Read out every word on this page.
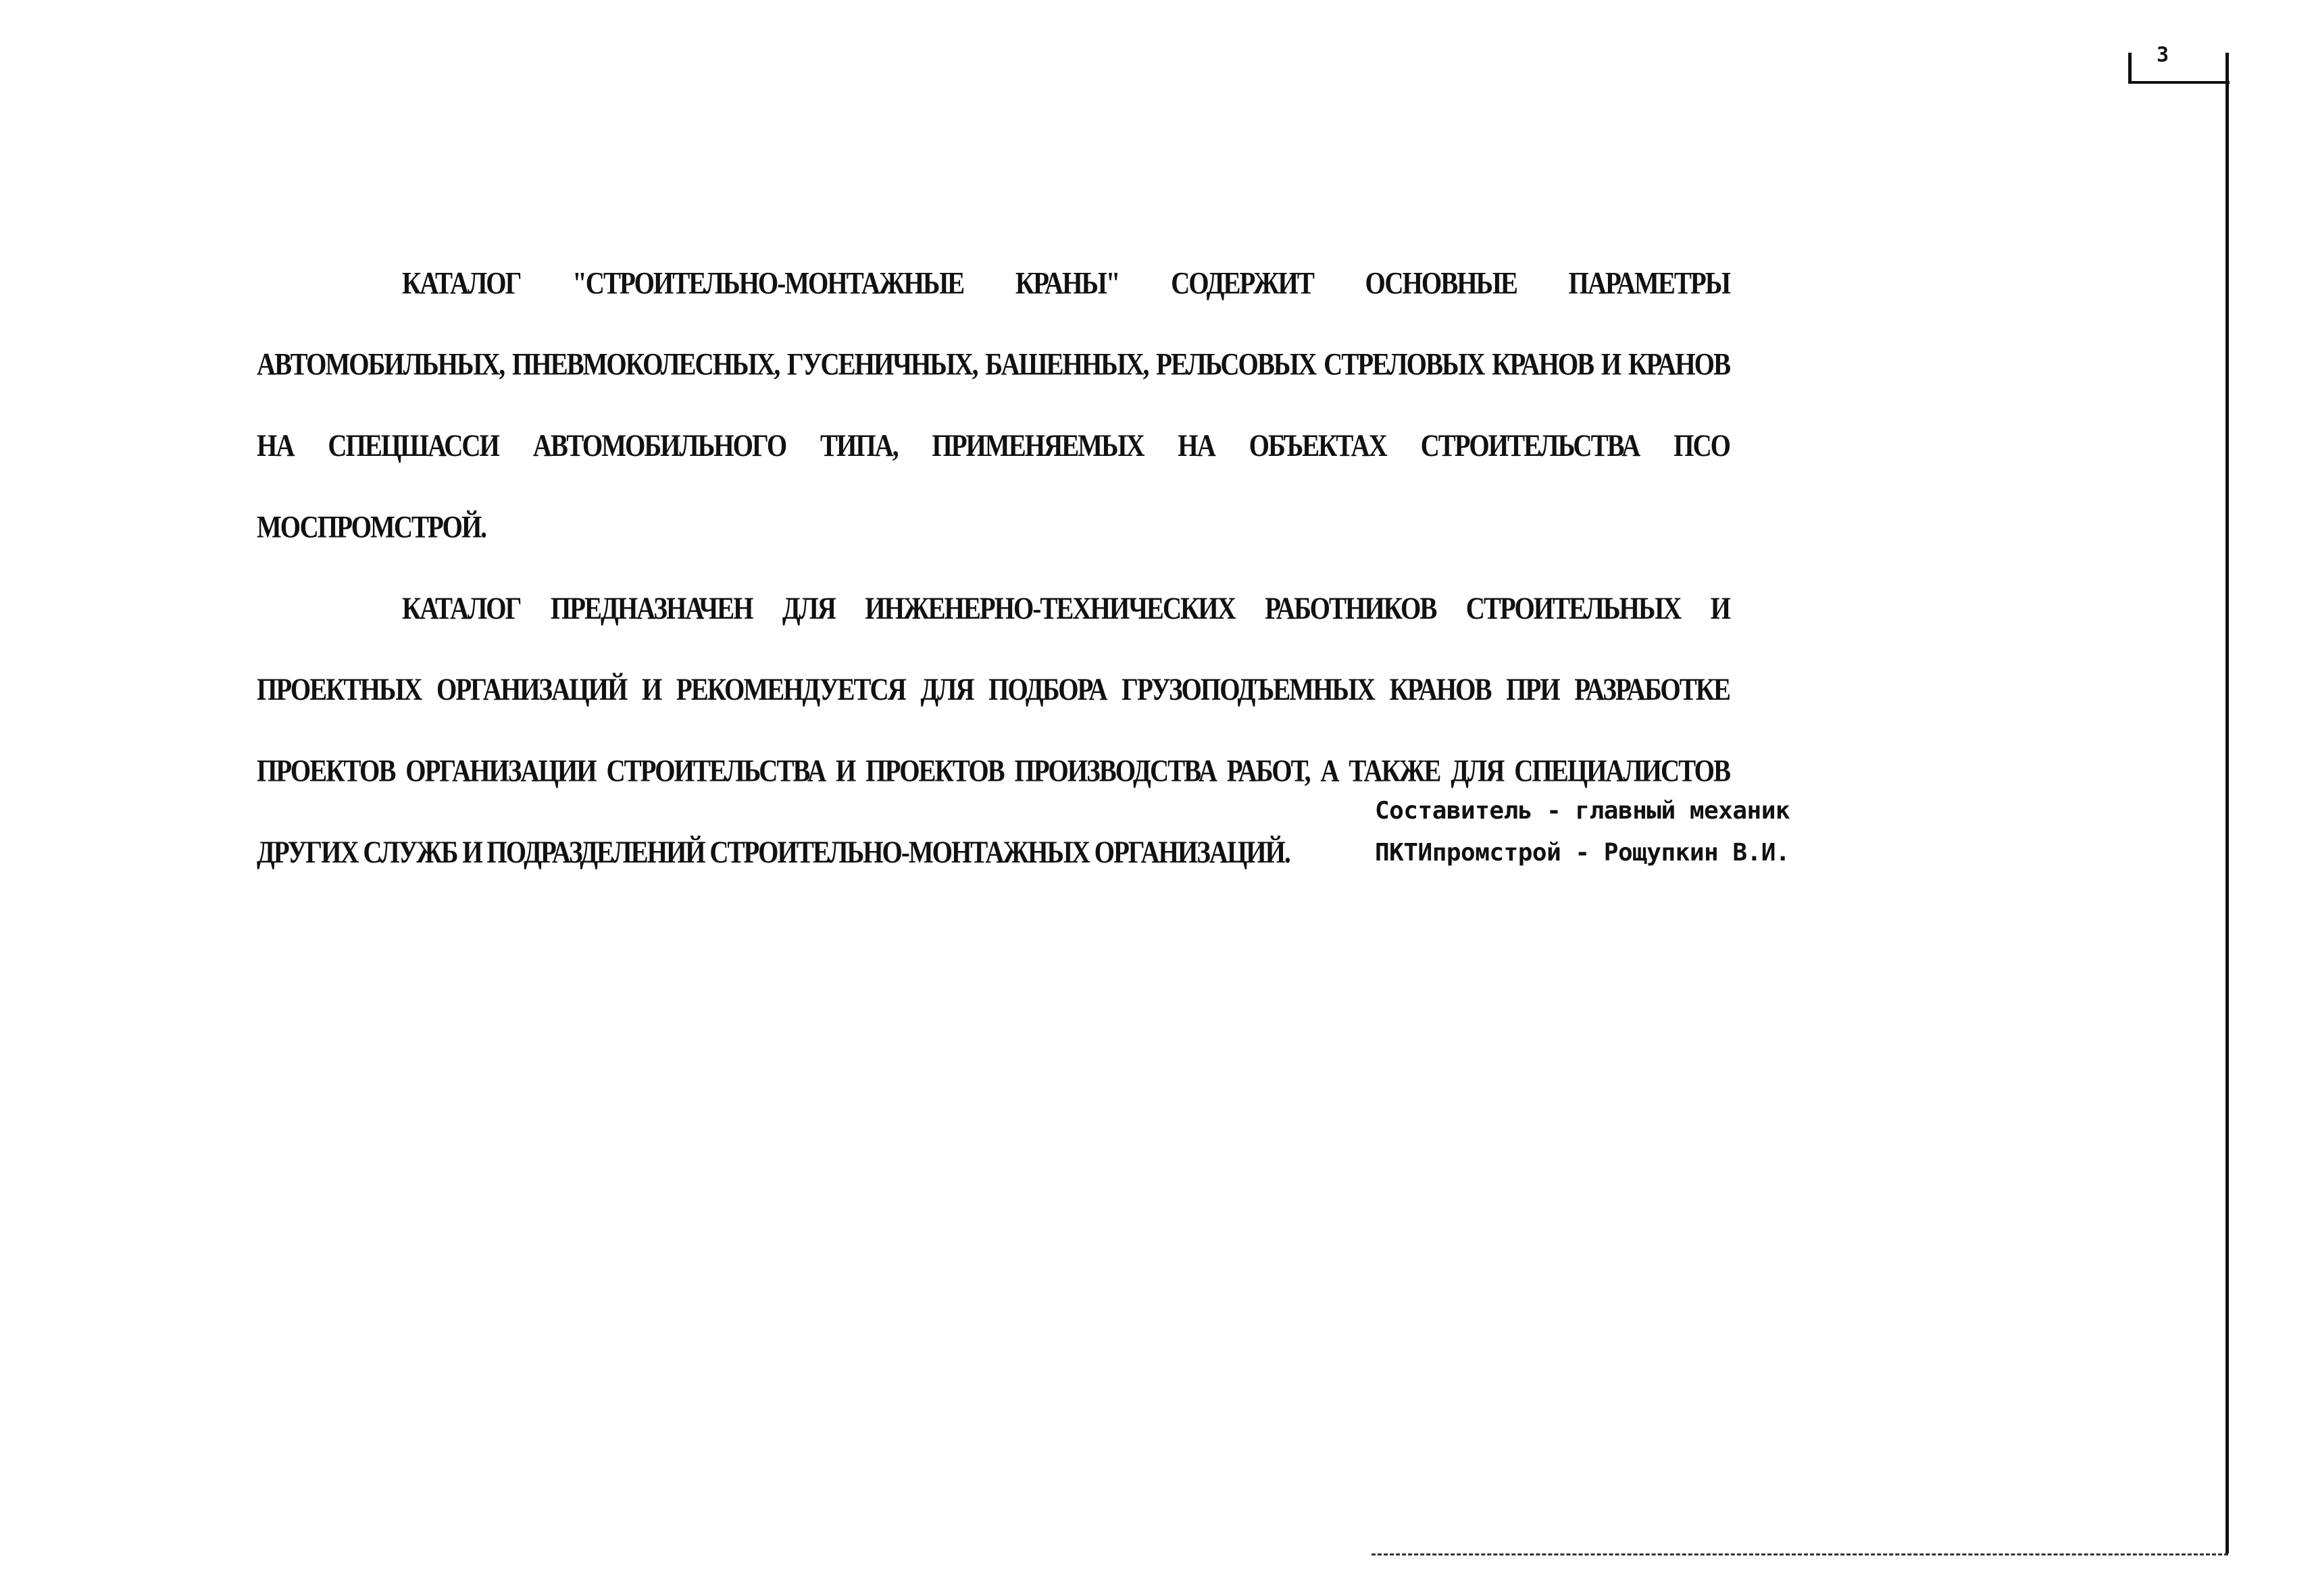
3

КАТАЛОГ "СТРОИТЕЛЬНО-МОНТАЖНЫЕ КРАНЫ" СОДЕРЖИТ ОСНОВНЫЕ ПАРАМЕТРЫ АВТОМОБИЛЬНЫХ, ПНЕВМОКОЛЕСНЫХ, ГУСЕНИЧНЫХ, БАШЕННЫХ, РЕЛЬСОВЫХ СТРЕЛОВЫХ КРАНОВ И КРАНОВ НА СПЕЦШАССИ АВТОМОБИЛЬНОГО ТИПА, ПРИМЕНЯЕМЫХ НА ОБЪЕКТАХ СТРОИТЕЛЬСТВА ПСО МОСПРОМСТРОЙ.

КАТАЛОГ ПРЕДНАЗНАЧЕН ДЛЯ ИНЖЕНЕРНО-ТЕХНИЧЕСКИХ РАБОТНИКОВ СТРОИТЕЛЬНЫХ И ПРОЕКТНЫХ ОРГАНИЗАЦИЙ И РЕКОМЕНДУЕТСЯ ДЛЯ ПОДБОРА ГРУЗОПОДЪЕМНЫХ КРАНОВ ПРИ РАЗРАБОТКЕ ПРОЕКТОВ ОРГАНИЗАЦИИ СТРОИТЕЛЬСТВА И ПРОЕКТОВ ПРОИЗВОДСТВА РАБОТ, А ТАКЖЕ ДЛЯ СПЕЦИАЛИСТОВ ДРУГИХ СЛУЖБ И ПОДРАЗДЕЛЕНИЙ СТРОИТЕЛЬНО-МОНТАЖНЫХ ОРГАНИЗАЦИЙ.

Составитель - главный механик
ПКТИпромстрой - Рощупкин В.И.
